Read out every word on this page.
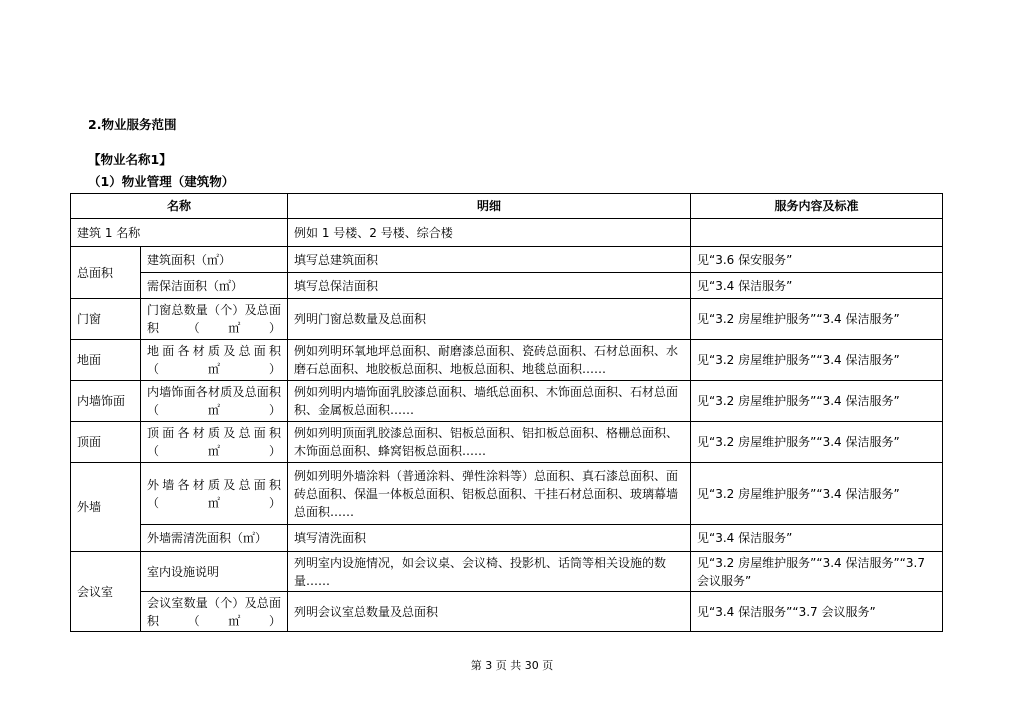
2.物业服务范围
【物业名称1】
（1）物业管理（建筑物）
名称		明细	服务内容及标准
建筑 1 名称		例如 1 号楼、2 号楼、综合楼	
总面积	建筑面积（㎡）	填写总建筑面积	见“3.6 保安服务”
	需保洁面积（㎡）	填写总保洁面积	见“3.4 保洁服务”
门窗	门窗总数量（个）及总面积（㎡）	列明门窗总数量及总面积	见“3.2 房屋维护服务”“3.4 保洁服务”
地面	地面各材质及总面积（㎡）	例如列明环氧地坪总面积、耐磨漆总面积、瓷砖总面积、石材总面积、水磨石总面积、地胶板总面积、地板总面积、地毯总面积……	见“3.2 房屋维护服务”“3.4 保洁服务”
内墙饰面	内墙饰面各材质及总面积（㎡）	例如列明内墙饰面乳胶漆总面积、墙纸总面积、木饰面总面积、石材总面积、金属板总面积……	见“3.2 房屋维护服务”“3.4 保洁服务”
顶面	顶面各材质及总面积（㎡）	例如列明顶面乳胶漆总面积、铝板总面积、铝扣板总面积、格栅总面积、木饰面总面积、蜂窝铝板总面积……	见“3.2 房屋维护服务”“3.4 保洁服务”
外墙	外墙各材质及总面积（㎡）	例如列明外墙涂料（普通涂料、弹性涂料等）总面积、真石漆总面积、面砖总面积、保温一体板总面积、铝板总面积、干挂石材总面积、玻璃幕墙总面积……	见“3.2 房屋维护服务”“3.4 保洁服务”
	外墙需清洗面积（㎡）	填写清洗面积	见“3.4 保洁服务”
会议室	室内设施说明	列明室内设施情况，如会议桌、会议椅、投影机、话筒等相关设施的数量……	见“3.2 房屋维护服务”“3.4 保洁服务”“3.7 会议服务”
	会议室数量（个）及总面积（㎡）	列明会议室总数量及总面积	见“3.4 保洁服务”“3.7 会议服务”
第 3 页 共 30 页
